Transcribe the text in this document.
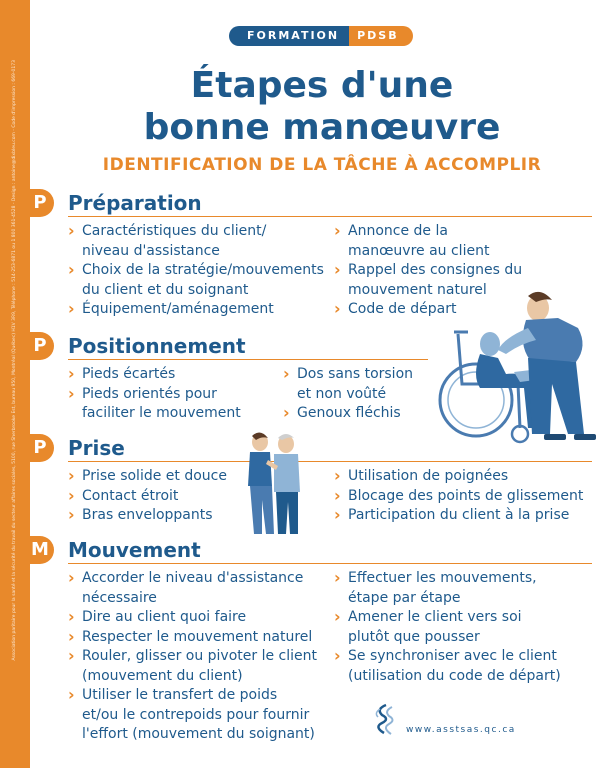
Association paritaire pour la santé et la sécurité du travail du secteur affaires sociales, 5100, rue Sherbrooke Est, bureau 950, Montréal (Québec) H1V 3R9, Téléphone : 514-253-6871 ou 1 800 361-4528 - Design : antoine@dixbleu.com - Code d'impression : 669-0173
FORMATION	PDSB
Étapes d'une
bonne manœuvre
IDENTIFICATION DE LA TÂCHE À ACCOMPLIR
P	Préparation
› Caractéristiques du client/
niveau d'assistance
› Choix de la stratégie/mouvements
du client et du soignant
› Équipement/aménagement
› Annonce de la
manœuvre au client
› Rappel des consignes du
mouvement naturel
› Code de départ
P	Positionnement
› Pieds écartés
› Pieds orientés pour
faciliter le mouvement
› Dos sans torsion
et non voûté
› Genoux fléchis
P	Prise
› Prise solide et douce
› Contact étroit
› Bras enveloppants
› Utilisation de poignées
› Blocage des points de glissement
› Participation du client à la prise
M Mouvement
› Accorder le niveau d'assistance
nécessaire
› Dire au client quoi faire
› Respecter le mouvement naturel
› Rouler, glisser ou pivoter le client
(mouvement du client)
› Utiliser le transfert de poids
et/ou le contrepoids pour fournir
l'effort (mouvement du soignant)
› Effectuer les mouvements,
étape par étape
› Amener le client vers soi
plutôt que pousser
› Se synchroniser avec le client
(utilisation du code de départ)
www.asstsas.qc.ca
